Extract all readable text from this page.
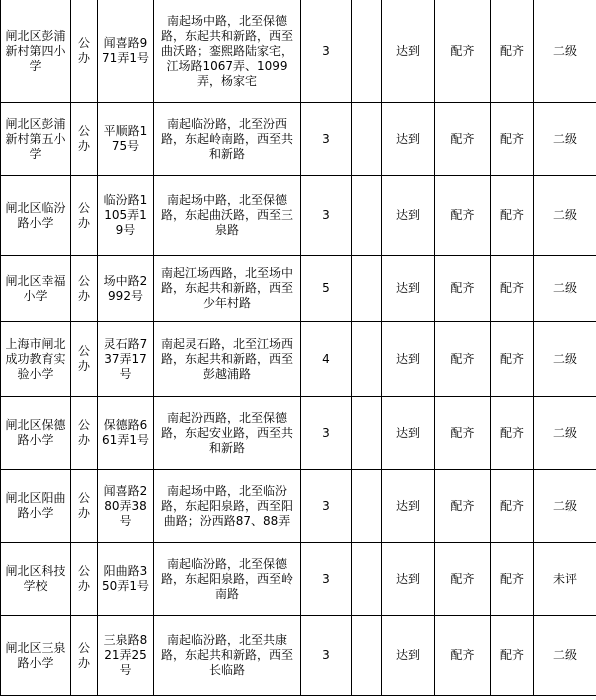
闸北区彭浦新村第四小学	公办	闻喜路971弄1号	南起场中路，北至保德路，东起共和新路，西至曲沃路；銮熙路陆家宅，江场路1067弄、1099弄，杨家宅	3		达到	配齐	配齐	二级
闸北区彭浦新村第五小学	公办	平顺路175号	南起临汾路，北至汾西路，东起岭南路，西至共和新路	3		达到	配齐	配齐	二级
闸北区临汾路小学	公办	临汾路1105弄19号	南起场中路，北至保德路，东起曲沃路，西至三泉路	3		达到	配齐	配齐	二级
闸北区幸福小学	公办	场中路2992号	南起江场西路，北至场中路，东起共和新路，西至少年村路	5		达到	配齐	配齐	二级
上海市闸北成功教育实验小学	公办	灵石路737弄17号	南起灵石路，北至江场西路，东起共和新路，西至彭越浦路	4		达到	配齐	配齐	二级
闸北区保德路小学	公办	保德路661弄1号	南起汾西路，北至保德路，东起安业路，西至共和新路	3		达到	配齐	配齐	二级
闸北区阳曲路小学	公办	闻喜路280弄38号	南起场中路，北至临汾路，东起阳泉路，西至阳曲路；汾西路87、88弄	3		达到	配齐	配齐	二级
闸北区科技学校	公办	阳曲路350弄1号	南起临汾路，北至保德路，东起阳泉路，西至岭南路	3		达到	配齐	配齐	未评
闸北区三泉路小学	公办	三泉路821弄25号	南起临汾路，北至共康路，东起共和新路，西至长临路	3		达到	配齐	配齐	二级
